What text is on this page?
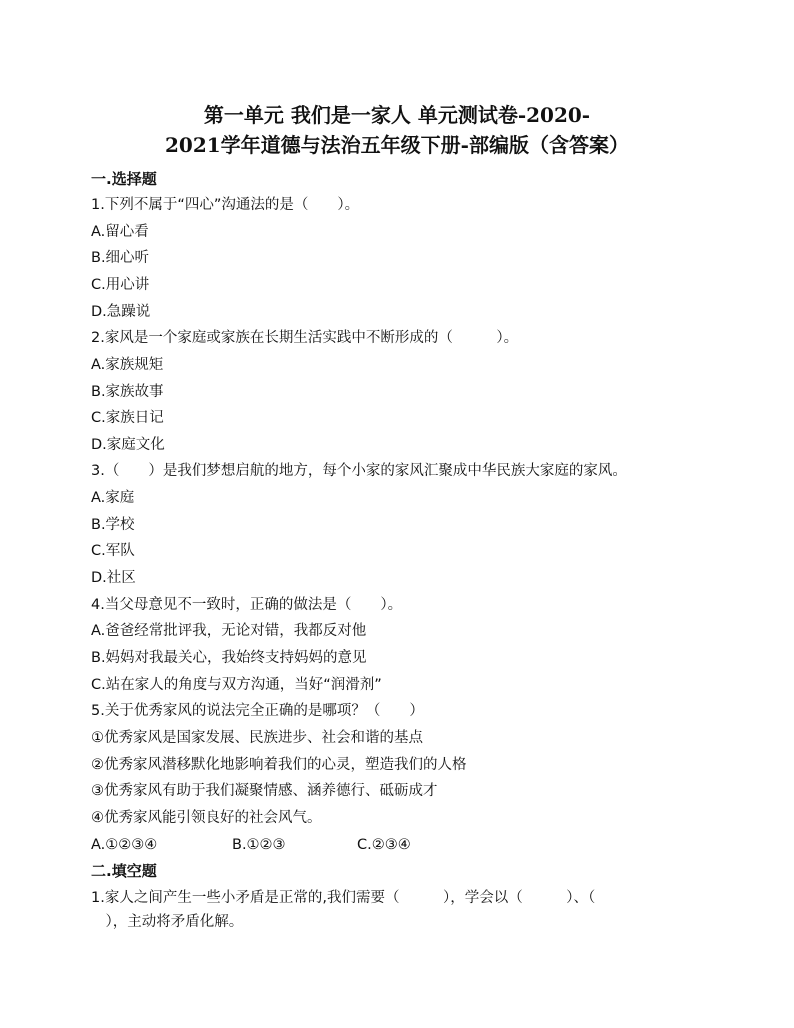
第一单元 我们是一家人 单元测试卷-2020-
2021学年道德与法治五年级下册-部编版（含答案）
一.选择题
1.下列不属于“四心”沟通法的是（　　）。
A.留心看
B.细心听
C.用心讲
D.急躁说
2.家风是一个家庭或家族在长期生活实践中不断形成的（　　　）。
A.家族规矩
B.家族故事
C.家族日记
D.家庭文化
3.（　　）是我们梦想启航的地方，每个小家的家风汇聚成中华民族大家庭的家风。
A.家庭
B.学校
C.军队
D.社区
4.当父母意见不一致时，正确的做法是（　　）。
A.爸爸经常批评我，无论对错，我都反对他
B.妈妈对我最关心，我始终支持妈妈的意见
C.站在家人的角度与双方沟通，当好“润滑剂”
5.关于优秀家风的说法完全正确的是哪项？（　　）
①优秀家风是国家发展、民族进步、社会和谐的基点
②优秀家风潜移默化地影响着我们的心灵，塑造我们的人格
③优秀家风有助于我们凝聚情感、涵养德行、砥砺成才
④优秀家风能引领良好的社会风气。
A.①②③④	B.①②③	C.②③④
二.填空题
1.家人之间产生一些小矛盾是正常的,我们需要（　　　），学会以（　　　）、（
　），主动将矛盾化解。
